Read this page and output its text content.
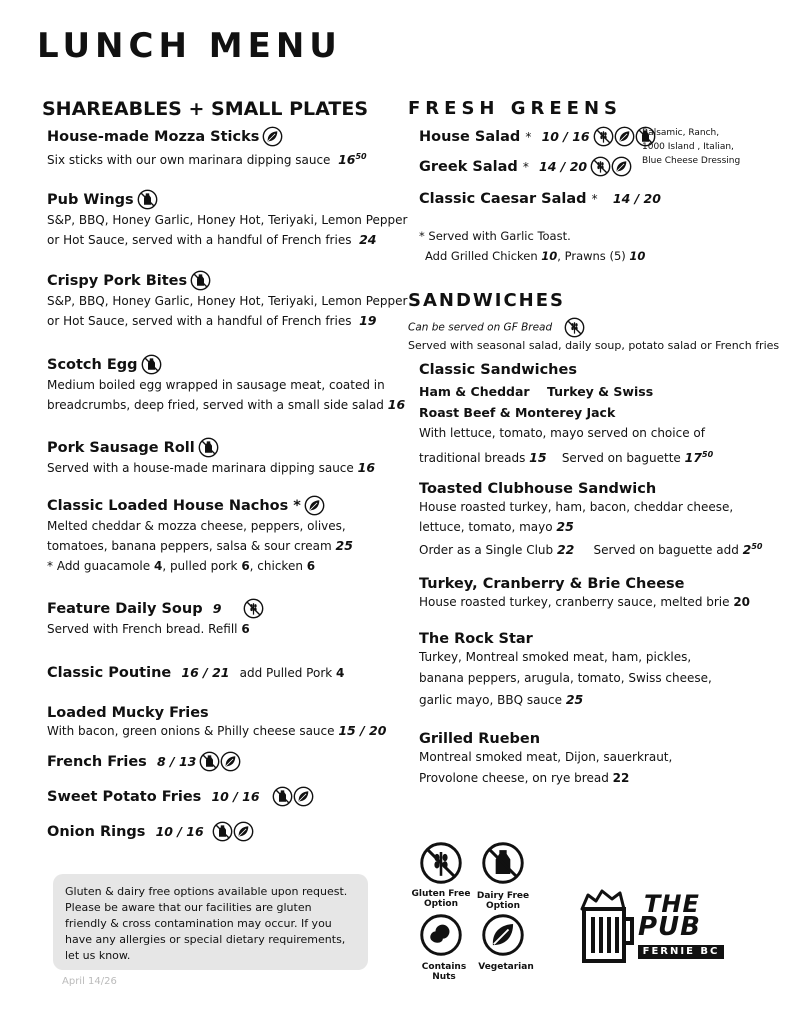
LUNCH MENU
SHAREABLES + SMALL PLATES
House-made Mozza Sticks
Six sticks with our own marinara dipping sauce $16^{50}$
Pub Wings
S&P, BBQ, Honey Garlic, Honey Hot, Teriyaki, Lemon Pepper
or Hot Sauce, served with a handful of French fries 24
Crispy Pork Bites
S&P, BBQ, Honey Garlic, Honey Hot, Teriyaki, Lemon Pepper
or Hot Sauce, served with a handful of French fries 19
Scotch Egg
Medium boiled egg wrapped in sausage meat, coated in
breadcrumbs, deep fried, served with a small side salad 16
Pork Sausage Roll
Served with a house-made marinara dipping sauce 16
Classic Loaded House Nachos *
Melted cheddar & mozza cheese, peppers, olives,
tomatoes, banana peppers, salsa & sour cream 25
* Add guacamole 4, pulled pork 6, chicken 6
Feature Daily Soup 9
Served with French bread. Refill 6
Classic Poutine 16 / 21 add Pulled Pork 4
Loaded Mucky Fries
With bacon, green onions & Philly cheese sauce 15 / 20
French Fries 8 / 13
Sweet Potato Fries 10 / 16
Onion Rings 10 / 16
Gluten & dairy free options available upon request. Please be aware that our facilities are gluten friendly & cross contamination may occur. If you have any allergies or special dietary requirements, let us know.
April 14/26
FRESH GREENS
House Salad * 10 / 16	Balsamic, Ranch,
1000 Island , Italian,
Blue Cheese Dressing
Greek Salad * 14 / 20
Classic Caesar Salad * 14 / 20
* Served with Garlic Toast.
Add Grilled Chicken 10, Prawns (5) 10
SANDWICHES
Can be served on GF Bread
Served with seasonal salad, daily soup, potato salad or French fries
Classic Sandwiches
Ham & Cheddar Turkey & Swiss
Roast Beef & Monterey Jack
With lettuce, tomato, mayo served on choice of
traditional breads 15 Served on baguette $17^{50}$
Toasted Clubhouse Sandwich
House roasted turkey, ham, bacon, cheddar cheese,
lettuce, tomato, mayo 25
Order as a Single Club 22 Served on baguette add $2^{50}$
Turkey, Cranberry & Brie Cheese
House roasted turkey, cranberry sauce, melted brie 20
The Rock Star
Turkey, Montreal smoked meat, ham, pickles,
banana peppers, arugula, tomato, Swiss cheese,
garlic mayo, BBQ sauce 25
Grilled Rueben
Montreal smoked meat, Dijon, sauerkraut,
Provolone cheese, on rye bread 22
Gluten Free
Option
Dairy Free
Option
Contains Nuts
Vegetarian
THE
PUB
FERNIE BC
